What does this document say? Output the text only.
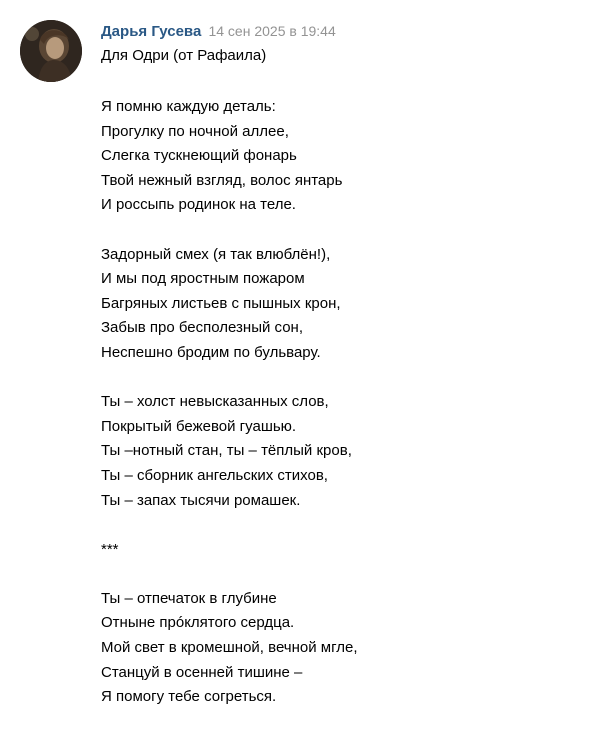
Дарья Гусева 14 сен 2025 в 19:44
Для Одри (от Рафаила)
Я помню каждую деталь:
Прогулку по ночной аллее,
Слегка тускнеющий фонарь
Твой нежный взгляд, волос янтарь
И россыпь родинок на теле.
Задорный смех (я так влюблён!),
И мы под яростным пожаром
Багряных листьев с пышных крон,
Забыв про бесполезный сон,
Неспешно бродим по бульвару.
Ты – холст невысказанных слов,
Покрытый бежевой гуашью.
Ты –нотный стан, ты – тёплый кров,
Ты – сборник ангельских стихов,
Ты – запах тысячи ромашек.
***
Ты – отпечаток в глубине
Отныне прóклятого сердца.
Мой свет в кромешной, вечной мгле,
Станцуй в осенней тишине –
Я помогу тебе согреться.
